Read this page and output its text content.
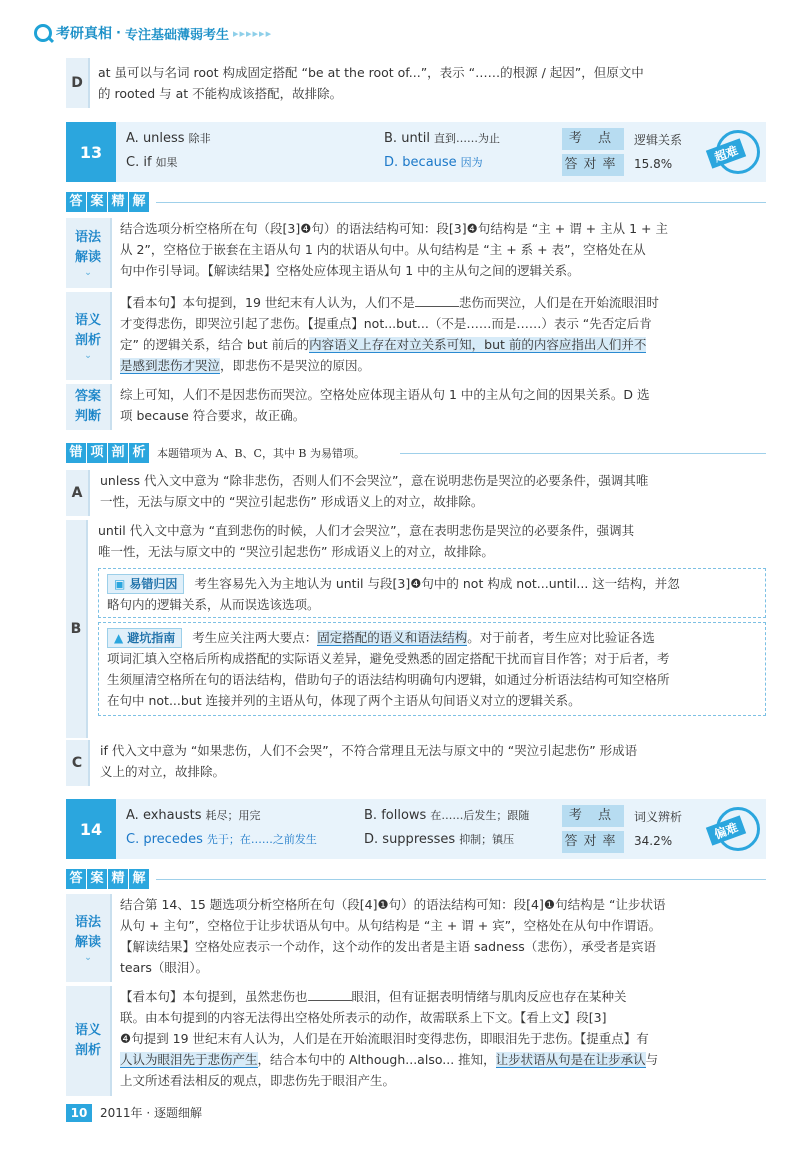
考研真相 · 专注基础薄弱考生 ▸▸▸▸▸▸
D
at 虽可以与名词 root 构成固定搭配 “be at the root of...”，表示 “……的根源 / 起因”，但原文中
的 rooted 与 at 不能构成该搭配，故排除。
13
A. unless 除非	B. until 直到……为止
C. if 如果	D. because 因为
考 点	逻辑关系
答对率 15.8%	超难
答 案 精 解
语法
解读
⌄
结合选项分析空格所在句（段[3]❹句）的语法结构可知：段[3]❹句结构是 “主 + 谓 + 主从 1 + 主
从 2”，空格位于嵌套在主语从句 1 内的状语从句中。从句结构是 “主 + 系 + 表”，空格处在从
句中作引导词。【解读结果】空格处应体现主语从句 1 中的主从句之间的逻辑关系。
语义
剖析
⌄
【看本句】本句提到，19 世纪末有人认为，人们不是	悲伤而哭泣，人们是在开始流眼泪时
才变得悲伤，即哭泣引起了悲伤。【提重点】not...but...（不是……而是……）表示 “先否定后肯
定” 的逻辑关系，结合 but 前后的内容语义上存在对立关系可知，but 前的内容应指出人们并不
是感到悲伤才哭泣，即悲伤不是哭泣的原因。
答案
判断
综上可知，人们不是因悲伤而哭泣。空格处应体现主语从句 1 中的主从句之间的因果关系。D 选
项 because 符合要求，故正确。
错 项 剖 析	本题错项为 A、B、C，其中 B 为易错项。
A
unless 代入文中意为 “除非悲伤，否则人们不会哭泣”，意在说明悲伤是哭泣的必要条件，强调其唯
一性，无法与原文中的 “哭泣引起悲伤” 形成语义上的对立，故排除。
B
until 代入文中意为 “直到悲伤的时候，人们才会哭泣”，意在表明悲伤是哭泣的必要条件，强调其
唯一性，无法与原文中的 “哭泣引起悲伤” 形成语义上的对立，故排除。
▣ 易错归因 考生容易先入为主地认为 until 与段[3]❹句中的 not 构成 not...until... 这一结构，并忽
略句内的逻辑关系，从而误选该选项。
▲ 避坑指南 考生应关注两大要点：固定搭配的语义和语法结构。对于前者，考生应对比验证各选
项词汇填入空格后所构成搭配的实际语义差异，避免受熟悉的固定搭配干扰而盲目作答；对于后者，考
生须厘清空格所在句的语法结构，借助句子的语法结构明确句内逻辑，如通过分析语法结构可知空格所
在句中 not...but 连接并列的主语从句，体现了两个主语从句间语义对立的逻辑关系。
C
if 代入文中意为 “如果悲伤，人们不会哭”，不符合常理且无法与原文中的 “哭泣引起悲伤” 形成语
义上的对立，故排除。
14
A. exhausts 耗尽；用完	B. follows 在……后发生；跟随
C. precedes 先于；在……之前发生	D. suppresses 抑制；镇压
考 点	词义辨析
答对率 34.2%	偏难
答 案 精 解
语法
解读
⌄
结合第 14、15 题选项分析空格所在句（段[4]❶句）的语法结构可知：段[4]❶句结构是 “让步状语
从句 + 主句”，空格位于让步状语从句中。从句结构是 “主 + 谓 + 宾”，空格处在从句中作谓语。
【解读结果】空格处应表示一个动作，这个动作的发出者是主语 sadness（悲伤），承受者是宾语
tears（眼泪）。
语义
剖析
【看本句】本句提到，虽然悲伤也	眼泪，但有证据表明情绪与肌肉反应也存在某种关
联。由本句提到的内容无法得出空格处所表示的动作，故需联系上下文。【看上文】段[3]
❹句提到 19 世纪末有人认为，人们是在开始流眼泪时变得悲伤，即眼泪先于悲伤。【提重点】有
人认为眼泪先于悲伤产生，结合本句中的 Although...also... 推知，让步状语从句是在让步承认与
上文所述看法相反的观点，即悲伤先于眼泪产生。
10	2011年 · 逐题细解
